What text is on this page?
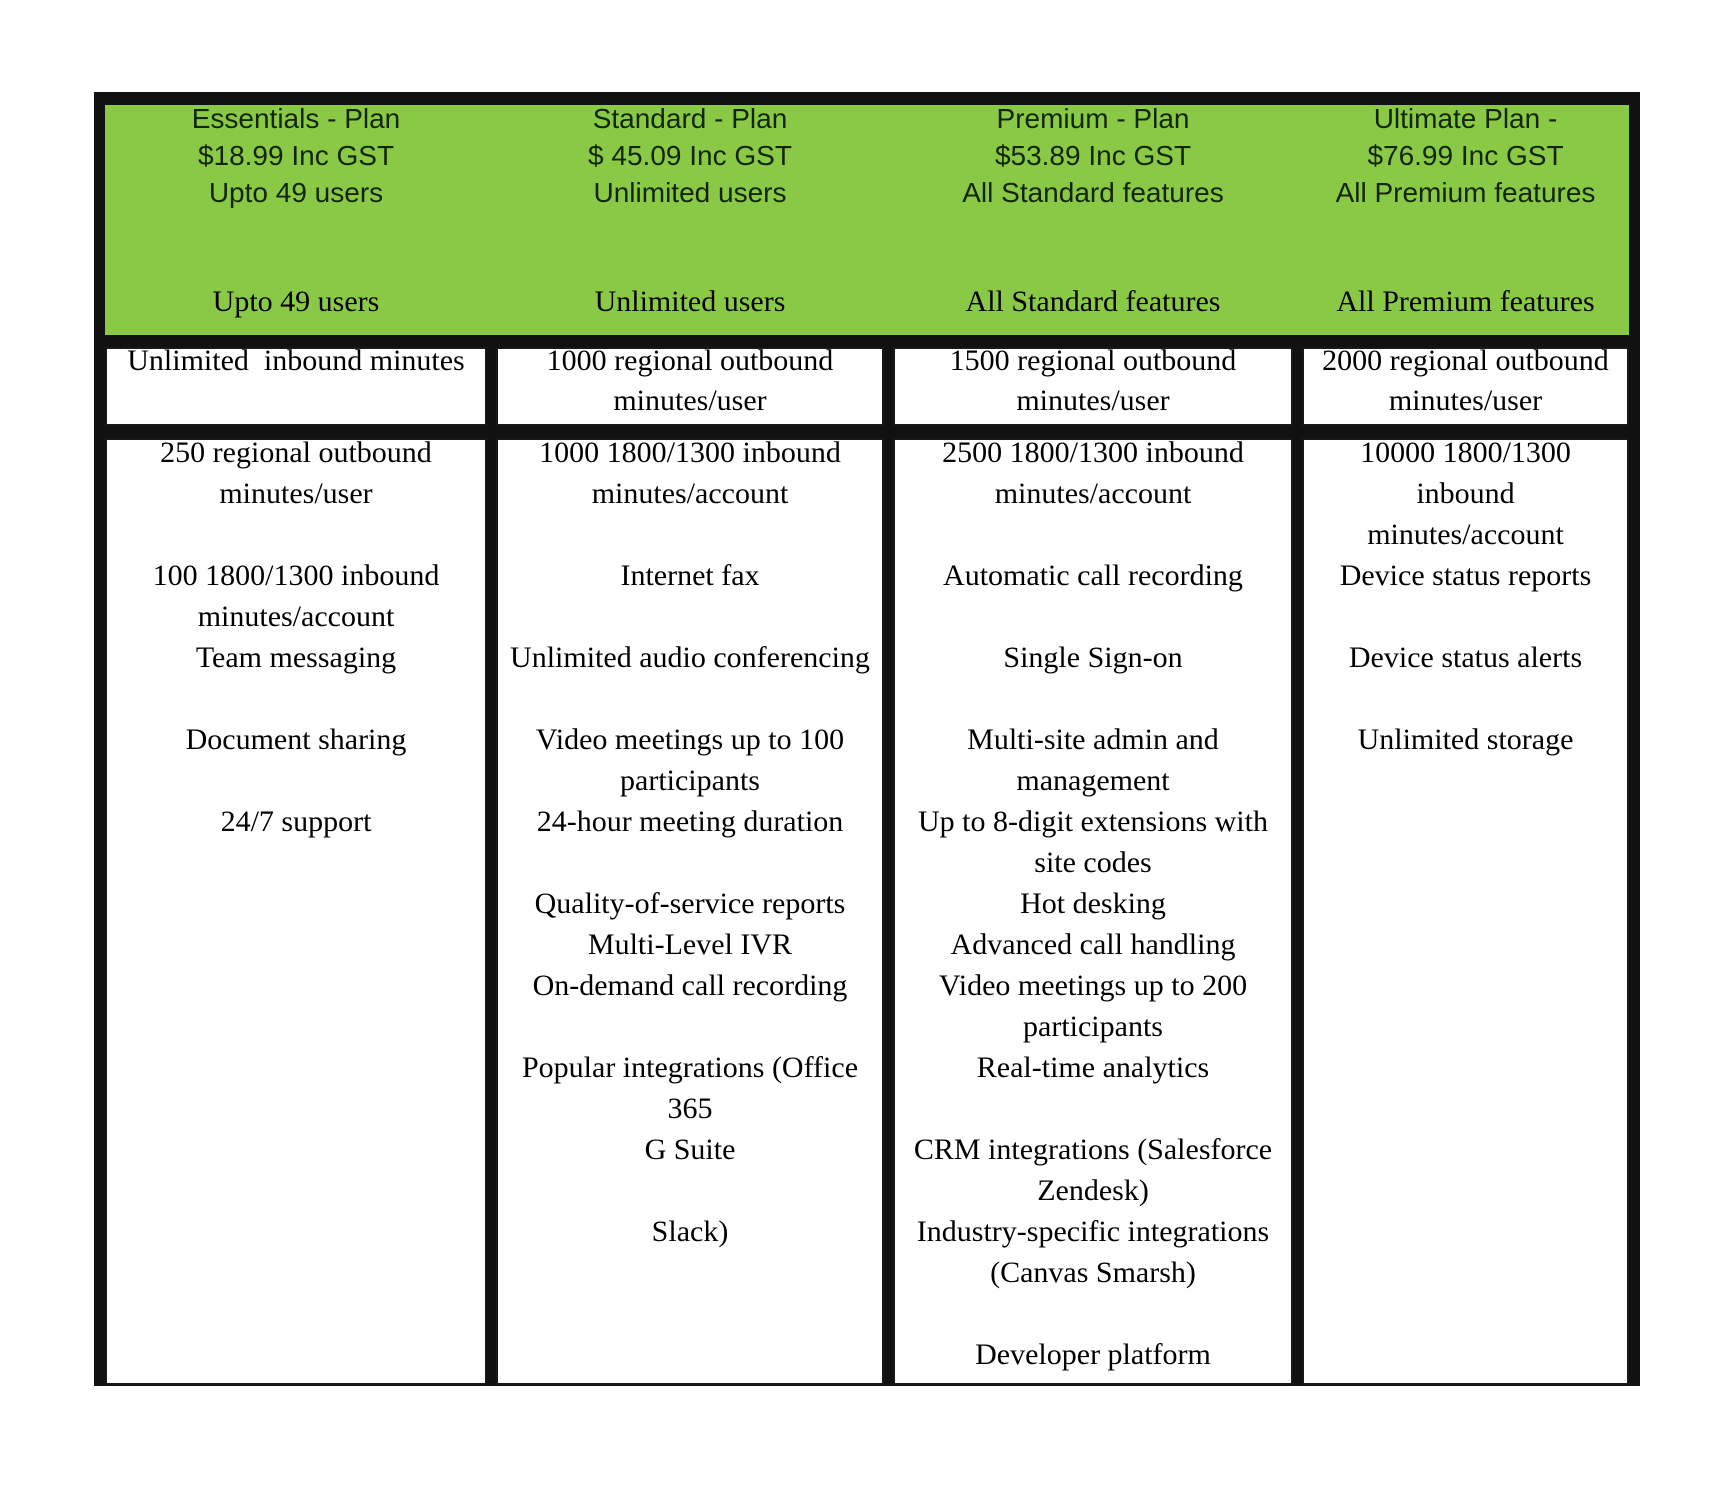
Essentials - Plan
$18.99 Inc GST
Upto 49 users
Upto 49 users
Standard - Plan
$ 45.09 Inc GST
Unlimited users
Unlimited users
Premium - Plan
$53.89 Inc GST
All Standard features
All Standard features
Ultimate Plan -
$76.99 Inc GST
All Premium features
All Premium features
Unlimited  inbound minutes	1000 regional outbound
minutes/user
1500 regional outbound
minutes/user
2000 regional outbound
minutes/user
250 regional outbound
minutes/user
100 1800/1300 inbound
minutes/account
Team messaging
Document sharing
24/7 support
1000 1800/1300 inbound
minutes/account
Internet fax
Unlimited audio conferencing
Video meetings up to 100
participants
24-hour meeting duration
Quality-of-service reports
Multi-Level IVR
On-demand call recording
Popular integrations (Office
365
G Suite
Slack)
2500 1800/1300 inbound
minutes/account
Automatic call recording
Single Sign-on
Multi-site admin and
management
Up to 8-digit extensions with
site codes
Hot desking
Advanced call handling
Video meetings up to 200
participants
Real-time analytics
CRM integrations (Salesforce
Zendesk)
Industry-specific integrations
(Canvas Smarsh)
Developer platform
10000 1800/1300
inbound
minutes/account
Device status reports
Device status alerts
Unlimited storage
